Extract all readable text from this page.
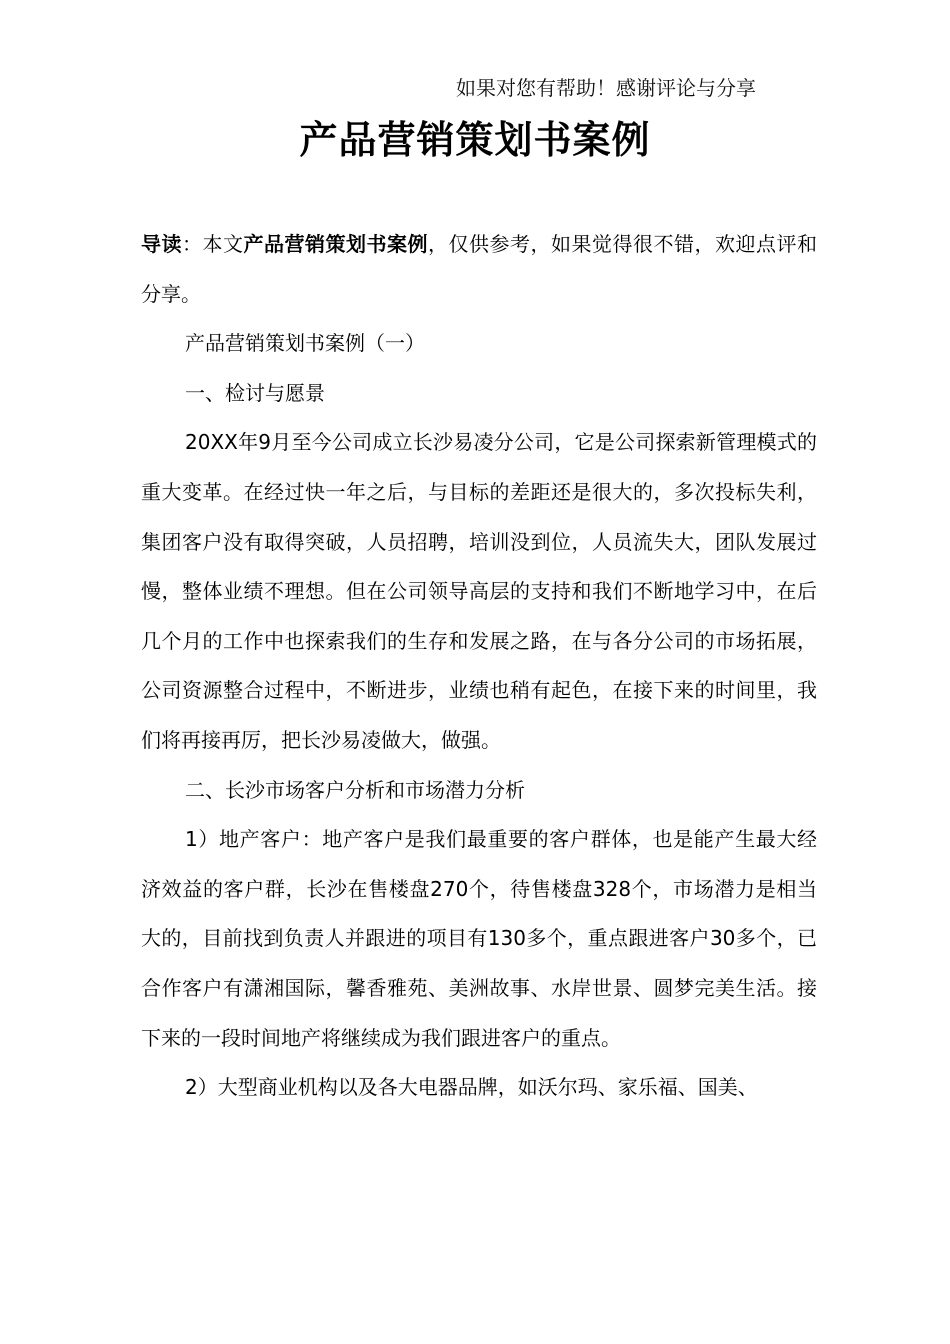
如果对您有帮助！感谢评论与分享
产品营销策划书案例

导读：本文产品营销策划书案例，仅供参考，如果觉得很不错，欢迎点评和分享。

产品营销策划书案例（一）

一、检讨与愿景

20XX年9月至今公司成立长沙易凌分公司，它是公司探索新管理模式的重大变革。在经过快一年之后，与目标的差距还是很大的，多次投标失利，集团客户没有取得突破，人员招聘，培训没到位，人员流失大，团队发展过慢，整体业绩不理想。但在公司领导高层的支持和我们不断地学习中，在后几个月的工作中也探索我们的生存和发展之路，在与各分公司的市场拓展，公司资源整合过程中，不断进步，业绩也稍有起色，在接下来的时间里，我们将再接再厉，把长沙易凌做大，做强。

二、长沙市场客户分析和市场潜力分析

1）地产客户：地产客户是我们最重要的客户群体，也是能产生最大经济效益的客户群，长沙在售楼盘270个，待售楼盘328个，市场潜力是相当大的，目前找到负责人并跟进的项目有130多个，重点跟进客户30多个，已合作客户有潇湘国际，馨香雅苑、美洲故事、水岸世景、圆梦完美生活。接下来的一段时间地产将继续成为我们跟进客户的重点。

2）大型商业机构以及各大电器品牌，如沃尔玛、家乐福、国美、
